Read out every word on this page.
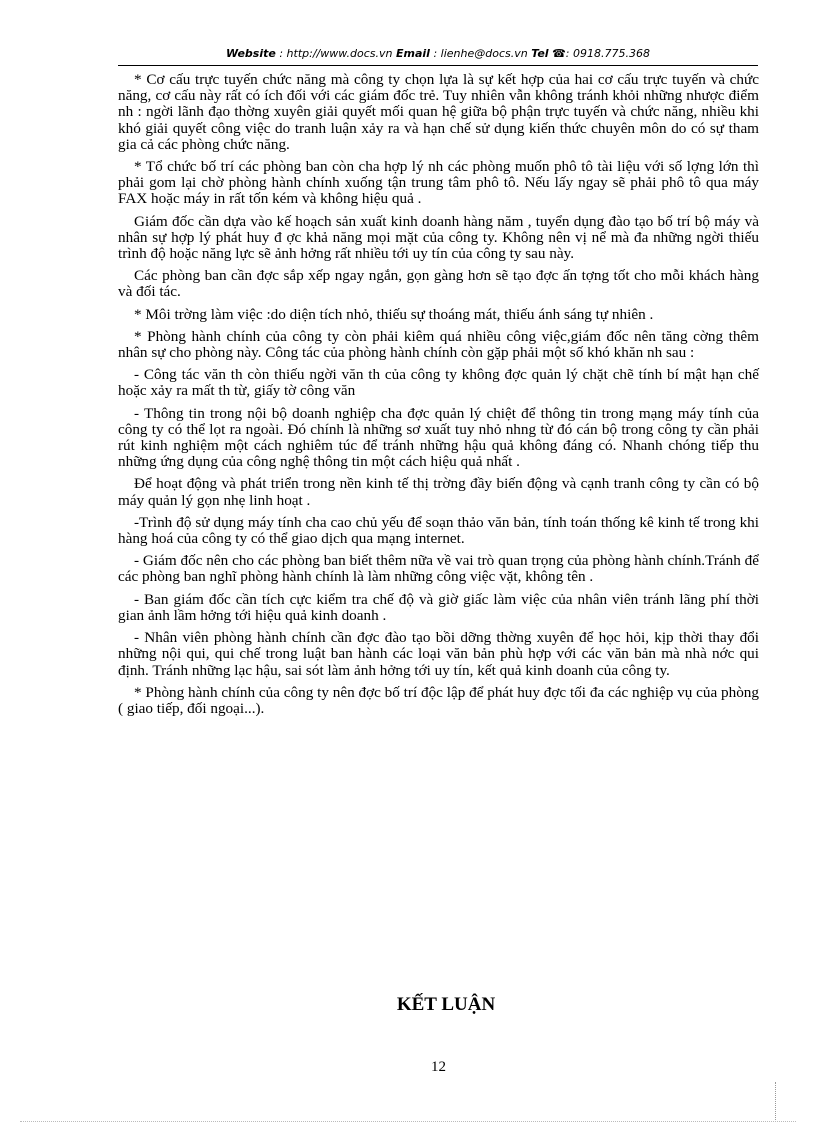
Website : http://www.docs.vn Email : lienhe@docs.vn Tel ☎: 0918.775.368

* Cơ cấu trực tuyến chức năng mà công ty chọn lựa là sự kết hợp của hai cơ cấu trực tuyến và chức năng, cơ cấu này rất có ích đối với các giám đốc trẻ. Tuy nhiên vẫn không tránh khỏi những nhược điểm nh : ngời lãnh đạo thờng xuyên giải quyết mối quan hệ giữa bộ phận trực tuyến và chức năng, nhiều khi khó giải quyết công việc do tranh luận xảy ra và hạn chế sử dụng kiến thức chuyên môn do có sự tham gia cả các phòng chức năng.

* Tổ chức bố trí các phòng ban còn cha hợp lý nh các phòng muốn phô tô tài liệu với số lợng lớn thì phải gom lại chờ phòng hành chính xuống tận trung tâm phô tô. Nếu lấy ngay sẽ phải phô tô qua máy FAX hoặc máy in rất tốn kém và không hiệu quả .

Giám đốc cần dựa vào kế hoạch sản xuất kinh doanh hàng năm , tuyển dụng đào tạo bố trí bộ máy và nhân sự hợp lý phát huy đ ợc khả năng mọi mặt của công ty. Không nên vị nể mà đa những ngời thiếu trình độ hoặc năng lực sẽ ảnh hởng rất nhiều tới uy tín của công ty sau này.

Các phòng ban cần đợc sắp xếp ngay ngắn, gọn gàng hơn sẽ tạo đợc ấn tợng tốt cho mỗi khách hàng và đối tác.

* Môi trờng làm việc :do diện tích nhỏ, thiếu sự thoáng mát, thiếu ánh sáng tự nhiên .

* Phòng hành chính của công ty còn phải kiêm quá nhiều công việc,giám đốc nên tăng cờng thêm nhân sự cho phòng này. Công tác của phòng hành chính còn gặp phải một số khó khăn nh sau :

- Công tác văn th còn thiếu ngời văn th của công ty không đợc quản lý chặt chẽ tính bí mật hạn chế hoặc xảy ra mất th từ, giấy tờ công văn

- Thông tin trong nội bộ doanh nghiệp cha đợc quản lý chiệt để thông tin trong mạng máy tính của công ty có thể lọt ra ngoài. Đó chính là những sơ xuất tuy nhỏ nhng từ đó cán bộ trong công ty cần phải rút kinh nghiệm một cách nghiêm túc để tránh những hậu quả không đáng có. Nhanh chóng tiếp thu những ứng dụng của công nghệ thông tin một cách hiệu quả nhất .

Để hoạt động và phát triển trong nền kinh tế thị trờng đầy biến động và cạnh tranh công ty cần có bộ máy quản lý gọn nhẹ linh hoạt .

-Trình độ sử dụng máy tính cha cao chủ yếu để soạn thảo văn bản, tính toán thống kê kinh tế trong khi hàng hoá của công ty có thể giao dịch qua mạng internet.

- Giám đốc nên cho các phòng ban biết thêm nữa về vai trò quan trọng của phòng hành chính.Tránh để các phòng ban nghĩ phòng hành chính là làm những công việc vặt, không tên .

- Ban giám đốc cần tích cực kiểm tra chế độ và giờ giấc làm việc của nhân viên tránh lãng phí thời gian ảnh lầm hởng tới hiệu quả kinh doanh .

- Nhân viên phòng hành chính cần đợc đào tạo bồi dỡng thờng xuyên để học hỏi, kịp thời thay đổi những nội qui, qui chế trong luật ban hành các loại văn bản phù hợp với các văn bản mà nhà nớc qui định. Tránh những lạc hậu, sai sót làm ảnh hởng tới uy tín, kết quả kinh doanh của công ty.

* Phòng hành chính của công ty nên đợc bố trí độc lập để phát huy đợc tối đa các nghiệp vụ của phòng ( giao tiếp, đối ngoại...).

KẾT LUẬN
12
